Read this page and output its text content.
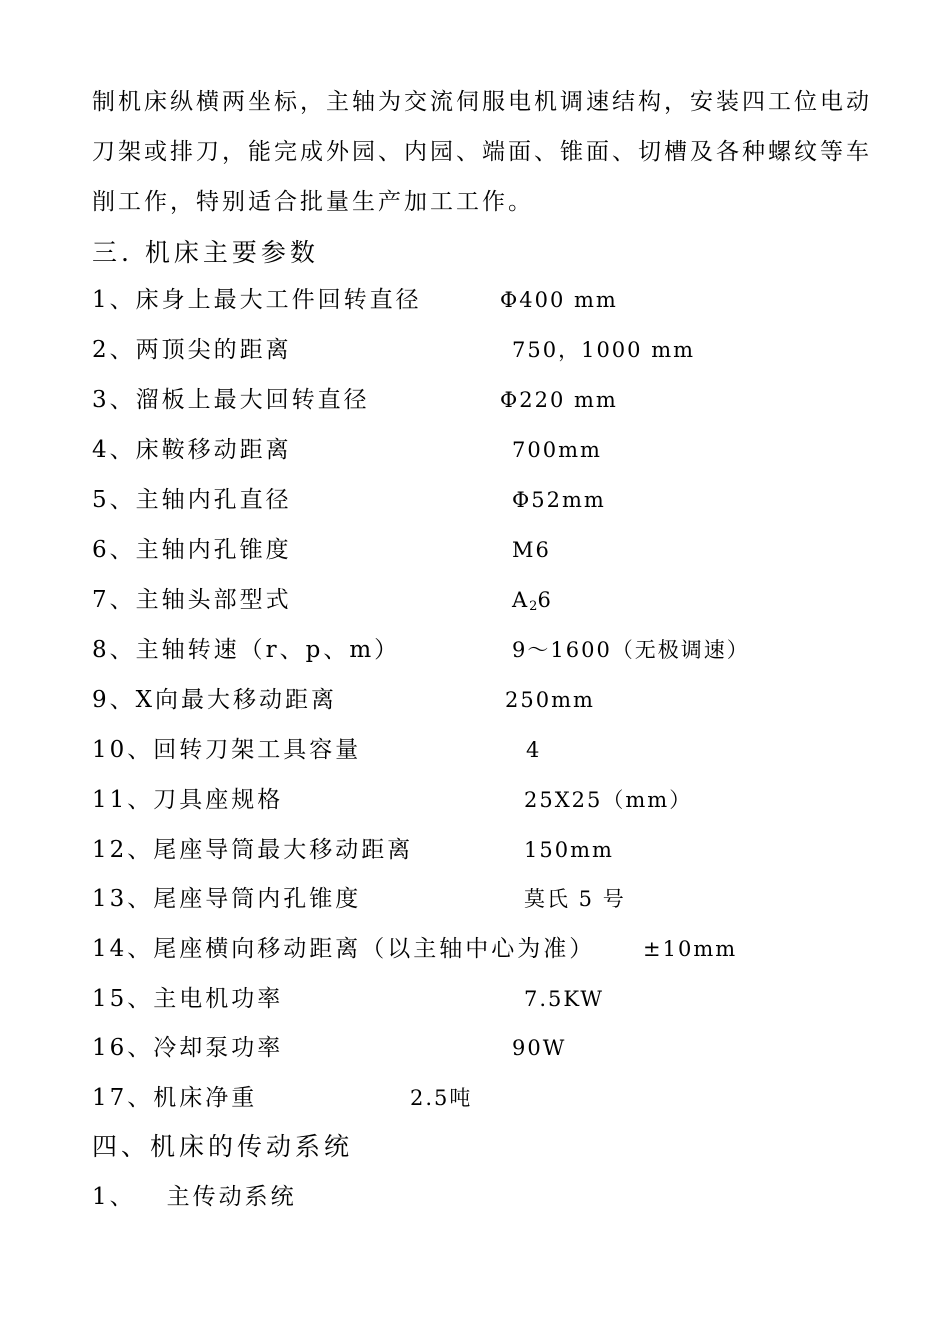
制机床纵横两坐标，主轴为交流伺服电机调速结构，安装四工位电动
刀架或排刀，能完成外园、内园、端面、锥面、切槽及各种螺纹等车
削工作，特别适合批量生产加工工作。
三. 机床主要参数
1、床身上最大工件回转直径	Φ400 mm
2、两顶尖的距离	750，1000 mm
3、溜板上最大回转直径	Φ220 mm
4、床鞍移动距离	700mm
5、主轴内孔直径	Φ52mm
6、主轴内孔锥度	M6
7、主轴头部型式	$A_26$
8、主轴转速（r、p、m）	9～1600（无极调速）
9、X向最大移动距离	250mm
10、回转刀架工具容量	4
11、刀具座规格	25X25（mm）
12、尾座导筒最大移动距离	150mm
13、尾座导筒内孔锥度	莫氏 5 号
14、尾座横向移动距离（以主轴中心为准） ±10mm
15、主电机功率	7.5KW
16、冷却泵功率	90W
17、机床净重	2.5吨
四、机床的传动系统
1、   主传动系统
